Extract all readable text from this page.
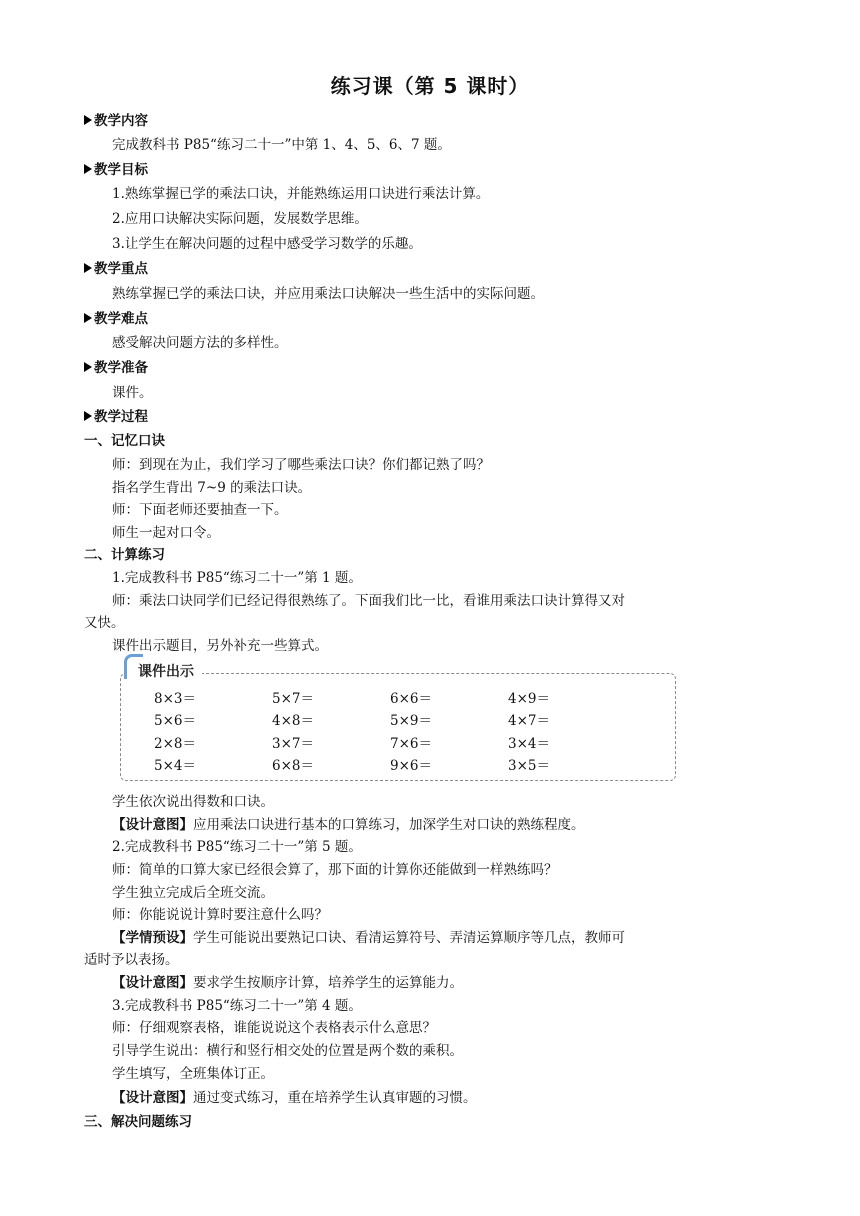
练习课（第 5 课时）
教学内容
完成教科书 P85“练习二十一”中第 1、4、5、6、7 题。
教学目标
1.熟练掌握已学的乘法口诀，并能熟练运用口诀进行乘法计算。
2.应用口诀解决实际问题，发展数学思维。
3.让学生在解决问题的过程中感受学习数学的乐趣。
教学重点
熟练掌握已学的乘法口诀，并应用乘法口诀解决一些生活中的实际问题。
教学难点
感受解决问题方法的多样性。
教学准备
课件。
教学过程
一、记忆口诀
师：到现在为止，我们学习了哪些乘法口诀？你们都记熟了吗？
指名学生背出 7~9 的乘法口诀。
师：下面老师还要抽查一下。
师生一起对口令。
二、计算练习
1.完成教科书 P85“练习二十一”第 1 题。
师：乘法口诀同学们已经记得很熟练了。下面我们比一比，看谁用乘法口诀计算得又对
又快。
课件出示题目，另外补充一些算式。
课件出示
8×3＝	5×7＝	6×6＝	4×9＝
5×6＝	4×8＝	5×9＝	4×7＝
2×8＝	3×7＝	7×6＝	3×4＝
5×4＝	6×8＝	9×6＝	3×5＝
学生依次说出得数和口诀。
【设计意图】应用乘法口诀进行基本的口算练习，加深学生对口诀的熟练程度。
2.完成教科书 P85“练习二十一”第 5 题。
师：简单的口算大家已经很会算了，那下面的计算你还能做到一样熟练吗？
学生独立完成后全班交流。
师：你能说说计算时要注意什么吗？
【学情预设】学生可能说出要熟记口诀、看清运算符号、弄清运算顺序等几点，教师可
适时予以表扬。
【设计意图】要求学生按顺序计算，培养学生的运算能力。
3.完成教科书 P85“练习二十一”第 4 题。
师：仔细观察表格，谁能说说这个表格表示什么意思？
引导学生说出：横行和竖行相交处的位置是两个数的乘积。
学生填写，全班集体订正。
【设计意图】通过变式练习，重在培养学生认真审题的习惯。
三、解决问题练习
